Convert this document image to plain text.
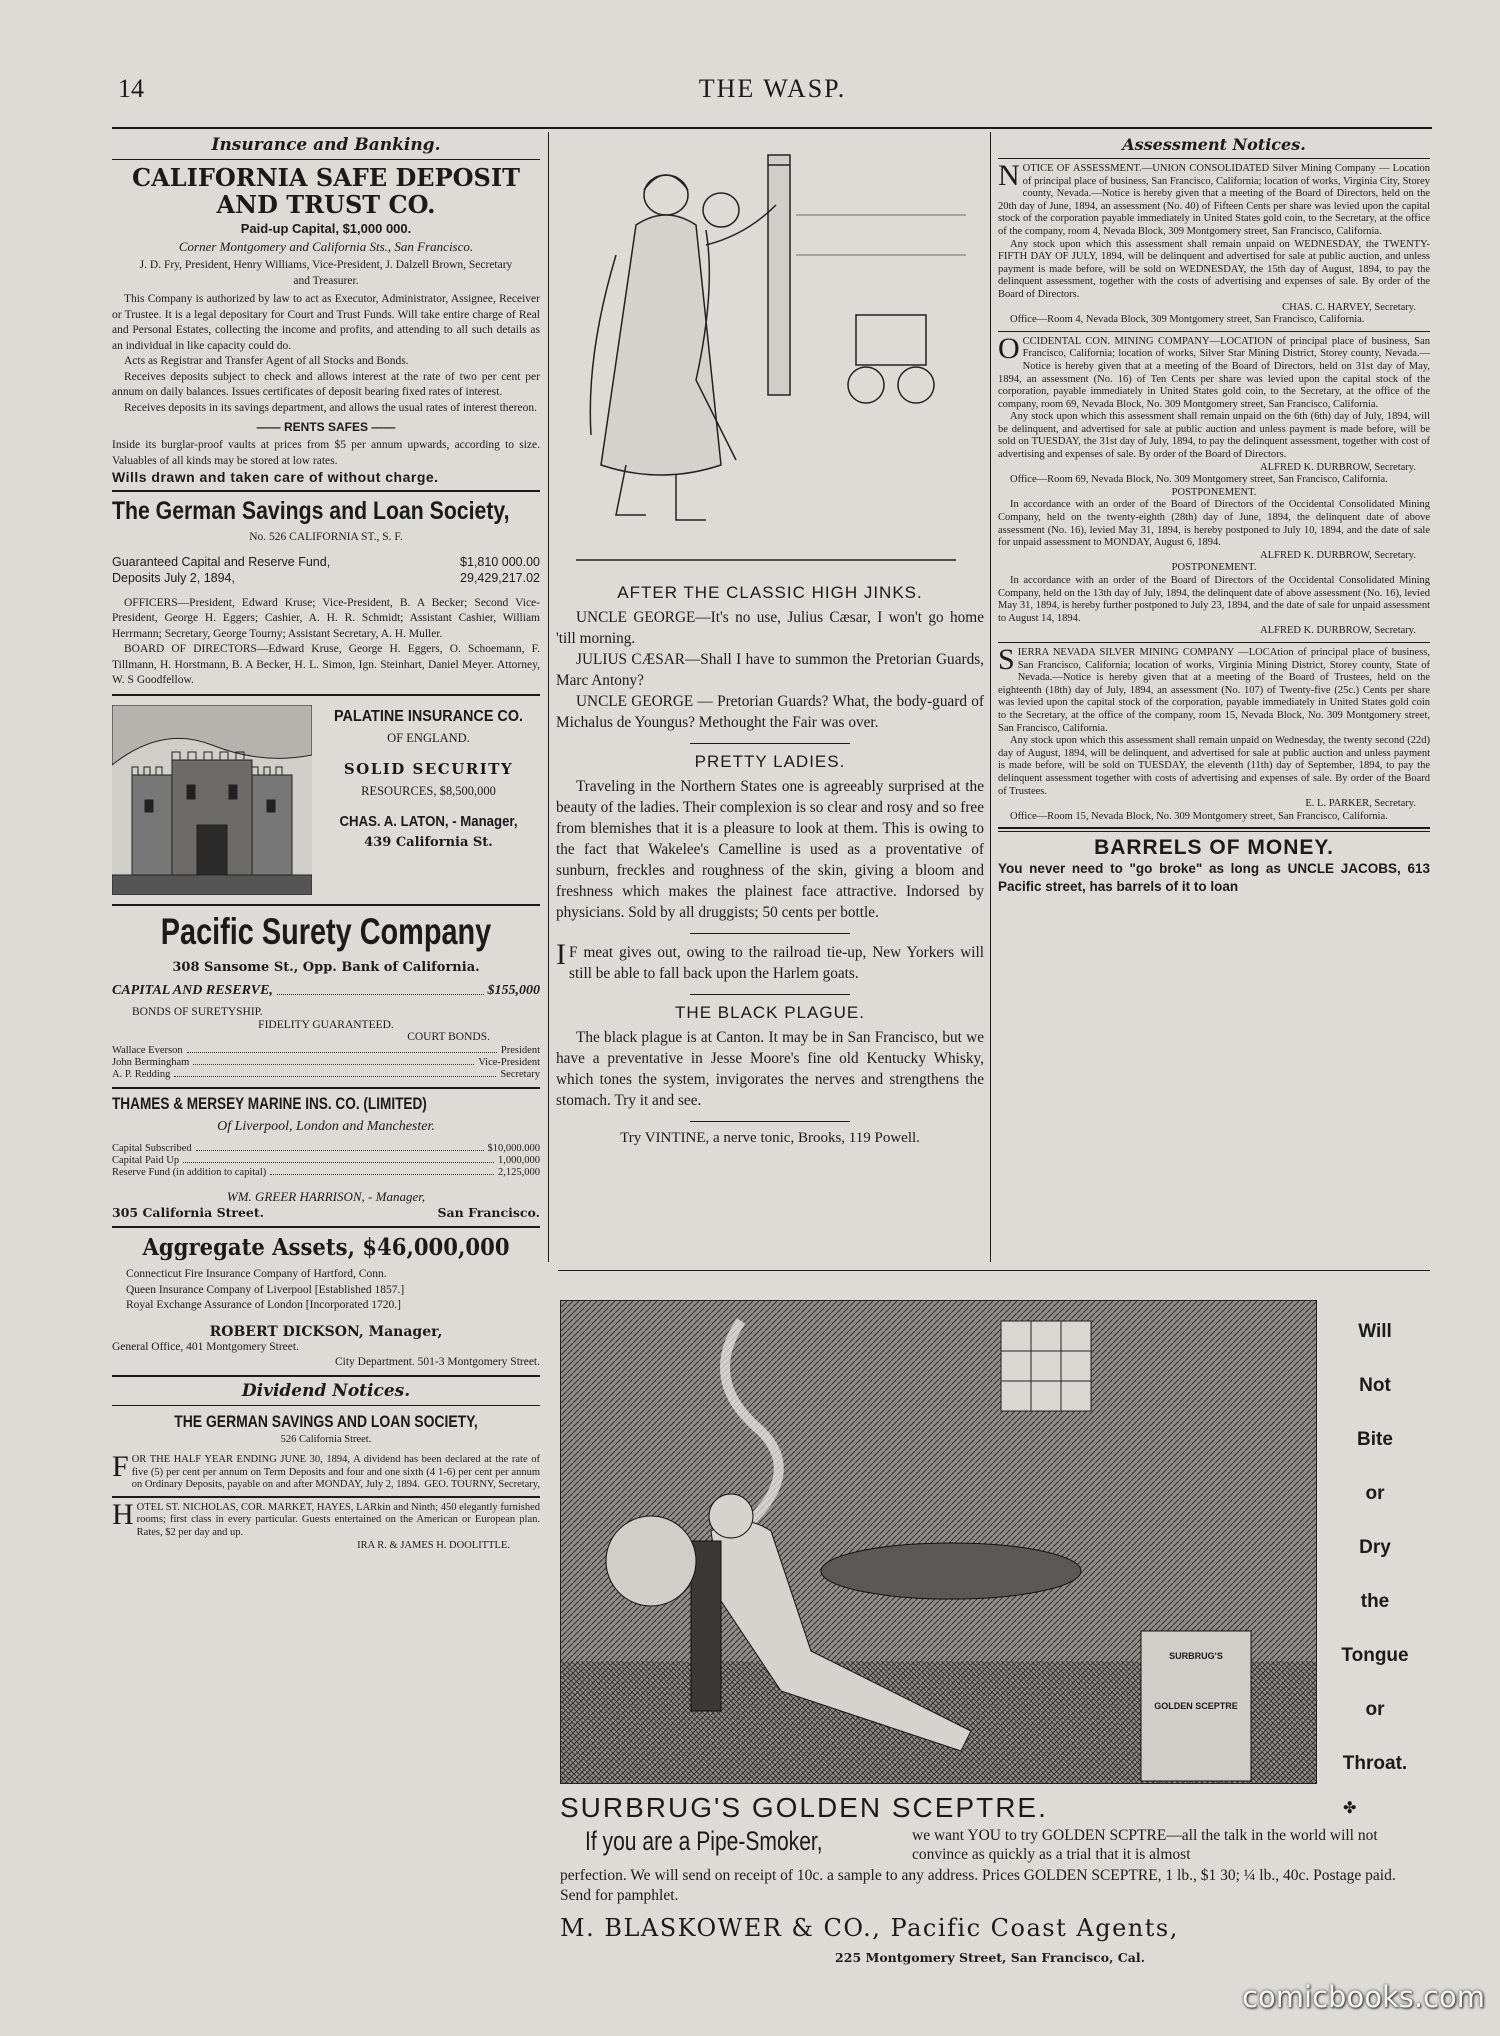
14	THE WASP.
Insurance and Banking.
CALIFORNIA SAFE DEPOSIT AND TRUST CO.
Paid-up Capital, $1,000 000.
Corner Montgomery and California Sts., San Francisco.
J. D. Fry, President, Henry Williams, Vice-President, J. Dalzell Brown, Secretary and Treasurer.
This Company is authorized by law to act as Executor, Administrator, Assignee, Receiver or Trustee. It is a legal depositary for Court and Trust Funds. Will take entire charge of Real and Personal Estates, collecting the income and profits, and attending to all such details as an individual in like capacity could do.
Acts as Registrar and Transfer Agent of all Stocks and Bonds.
Receives deposits subject to check and allows interest at the rate of two per cent per annum on daily balances. Issues certificates of deposit bearing fixed rates of interest.
Receives deposits in its savings department, and allows the usual rates of interest thereon.
—— RENTS SAFES ——
Inside its burglar-proof vaults at prices from $5 per annum upwards, according to size. Valuables of all kinds may be stored at low rates.
Wills drawn and taken care of without charge.
The German Savings and Loan Society,
No. 526 CALIFORNIA ST., S. F.
Guaranteed Capital and Reserve Fund,	$1,810 000.00
Deposits July 2, 1894,	29,429,217.02
OFFICERS—President, Edward Kruse; Vice-President, B. A Becker; Second Vice-President, George H. Eggers; Cashier, A. H. R. Schmidt; Assistant Cashier, William Herrmann; Secretary, George Tourny; Assistant Secretary, A. H. Muller.
BOARD OF DIRECTORS—Edward Kruse, George H. Eggers, O. Schoemann, F. Tillmann, H. Horstmann, B. A Becker, H. L. Simon, Ign. Steinhart, Daniel Meyer. Attorney, W. S Goodfellow.
PALATINE INSURANCE CO.
OF ENGLAND.
SOLID SECURITY
RESOURCES, $8,500,000
CHAS. A. LATON, - Manager,
439 California St.
Pacific Surety Company
308 Sansome St., Opp. Bank of California.
CAPITAL AND RESERVE,	$155,000
BONDS OF SURETYSHIP.
FIDELITY GUARANTEED.
COURT BONDS.
Wallace Everson	President
John Bermingham	Vice-President
A. P. Redding	Secretary
THAMES & MERSEY MARINE INS. CO. (LIMITED)
Of Liverpool, London and Manchester.
Capital Subscribed	$10,000.000
Capital Paid Up	1,000,000
Reserve Fund (in addition to capital)	2,125,000
WM. GREER HARRISON, - Manager,
305 California Street.	San Francisco.
Aggregate Assets, $46,000,000
Connecticut Fire Insurance Company of Hartford, Conn.
Queen Insurance Company of Liverpool [Established 1857.]
Royal Exchange Assurance of London [Incorporated 1720.]
ROBERT DICKSON, Manager,
General Office, 401 Montgomery Street.
City Department. 501-3 Montgomery Street.
Dividend Notices.
THE GERMAN SAVINGS AND LOAN SOCIETY,
526 California Street.
FOR THE HALF YEAR ENDING JUNE 30, 1894, A dividend has been declared at the rate of five (5) per cent per annum on Term Deposits and four and one sixth (4 1-6) per cent per annum on Ordinary Deposits, payable on and after MONDAY, July 2, 1894. GEO. TOURNY, Secretary,
HOTEL ST. NICHOLAS, COR. MARKET, HAYES, LARkin and Ninth; 450 elegantly furnished rooms; first class in every particular. Guests entertained on the American or European plan. Rates, $2 per day and up.
IRA R. & JAMES H. DOOLITTLE.
AFTER THE CLASSIC HIGH JINKS.

UNCLE GEORGE—It's no use, Julius Cæsar, I won't go home 'till morning.

JULIUS CÆSAR—Shall I have to summon the Pretorian Guards, Marc Antony?

UNCLE GEORGE — Pretorian Guards? What, the body-guard of Michalus de Youngus? Methought the Fair was over.

PRETTY LADIES.

Traveling in the Northern States one is agreeably surprised at the beauty of the ladies. Their complexion is so clear and rosy and so free from blemishes that it is a pleasure to look at them. This is owing to the fact that Wakelee's Camelline is used as a proventative of sunburn, freckles and roughness of the skin, giving a bloom and freshness which makes the plainest face attractive. Indorsed by physicians. Sold by all druggists; 50 cents per bottle.

I F meat gives out, owing to the railroad tie-up, New Yorkers will still be able to fall back upon the Harlem goats.

THE BLACK PLAGUE.

The black plague is at Canton. It may be in San Francisco, but we have a preventative in Jesse Moore's fine old Kentucky Whisky, which tones the system, invigorates the nerves and strengthens the stomach. Try it and see.

Try VINTINE, a nerve tonic, Brooks, 119 Powell.
Assessment Notices.
NOTICE OF ASSESSMENT.—UNION CONSOLIDATED Silver Mining Company — Location of principal place of business, San Francisco, California; location of works, Virginia City, Storey county, Nevada.—Notice is hereby given that a meeting of the Board of Directors, held on the 20th day of June, 1894, an assessment (No. 40) of Fifteen Cents per share was levied upon the capital stock of the corporation payable immediately in United States gold coin, to the Secretary, at the office of the company, room 4, Nevada Block, 309 Montgomery street, San Francisco, California.

Any stock upon which this assessment shall remain unpaid on WEDNESDAY, the TWENTY-FIFTH DAY OF JULY, 1894, will be delinquent and advertised for sale at public auction, and unless payment is made before, will be sold on WEDNESDAY, the 15th day of August, 1894, to pay the delinquent assessment, together with the costs of advertising and expenses of sale. By order of the Board of Directors.

CHAS. C. HARVEY, Secretary.

Office—Room 4, Nevada Block, 309 Montgomery street, San Francisco, California.

OCCIDENTAL CON. MINING COMPANY—LOCATION of principal place of business, San Francisco, California; location of works, Silver Star Mining District, Storey county, Nevada.—Notice is hereby given that at a meeting of the Board of Directors, held on 31st day of May, 1894, an assessment (No. 16) of Ten Cents per share was levied upon the capital stock of the corporation, payable immediately in United States gold coin, to the Secretary, at the office of the company, room 69, Nevada Block, No. 309 Montgomery street, San Francisco, California.

Any stock upon which this assessment shall remain unpaid on the 6th (6th) day of July, 1894, will be delinquent, and advertised for sale at public auction and unless payment is made before, will be sold on TUESDAY, the 31st day of July, 1894, to pay the delinquent assessment, together with cost of advertising and expenses of sale. By order of the Board of Directors.

ALFRED K. DURBROW, Secretary.

Office—Room 69, Nevada Block, No. 309 Montgomery street, San Francisco, California.

POSTPONEMENT.

In accordance with an order of the Board of Directors of the Occidental Consolidated Mining Company, held on the twenty-eighth (28th) day of June, 1894, the delinquent date of above assessment (No. 16), levied May 31, 1894, is hereby postponed to July 10, 1894, and the date of sale for unpaid assessment to MONDAY, August 6, 1894.

ALFRED K. DURBROW, Secretary.
POSTPONEMENT.

In accordance with an order of the Board of Directors of the Occidental Consolidated Mining Company, held on the 13th day of July, 1894, the delinquent date of above assessment (No. 16), levied May 31, 1894, is hereby further postponed to July 23, 1894, and the date of sale for unpaid assessment to August 14, 1894.

ALFRED K. DURBROW, Secretary.
SIERRA NEVADA SILVER MINING COMPANY —LOCAtion of principal place of business, San Francisco, California; location of works, Virginia Mining District, Storey county, State of Nevada.—Notice is hereby given that at a meeting of the Board of Trustees, held on the eighteenth (18th) day of July, 1894, an assessment (No. 107) of Twenty-five (25c.) Cents per share was levied upon the capital stock of the corporation, payable immediately in United States gold coin to the Secretary, at the office of the company, room 15, Nevada Block, No. 309 Montgomery street, San Francisco, California.

Any stock upon which this assessment shall remain unpaid on Wednesday, the twenty second (22d) day of August, 1894, will be delinquent, and advertised for sale at public auction and unless payment is made before, will be sold on TUESDAY, the eleventh (11th) day of September, 1894, to pay the delinquent assessment together with costs of advertising and expenses of sale. By order of the Board of Trustees.

E. L. PARKER, Secretary.

Office—Room 15, Nevada Block, No. 309 Montgomery street, San Francisco, California.

BARRELS OF MONEY.
You never need to "go broke" as long as UNCLE JACOBS, 613 Pacific street, has barrels of it to loan
SURBRUG'S
GOLDEN SCEPTRE
Will
Not
Bite
or
Dry
the
Tongue
or
Throat.
✤
SURBRUG'S GOLDEN SCEPTRE.
If you are a Pipe-Smoker,	we want YOU to try GOLDEN SCPTRE—all the talk in the world will not convince as quickly as a trial that it is almost
perfection. We will send on receipt of 10c. a sample to any address. Prices GOLDEN SCEPTRE, 1 lb., $1 30; ¼ lb., 40c. Postage paid. Send for pamphlet.
M. BLASKOWER & CO., Pacific Coast Agents,
225 Montgomery Street, San Francisco, Cal.
comicbooks.com
